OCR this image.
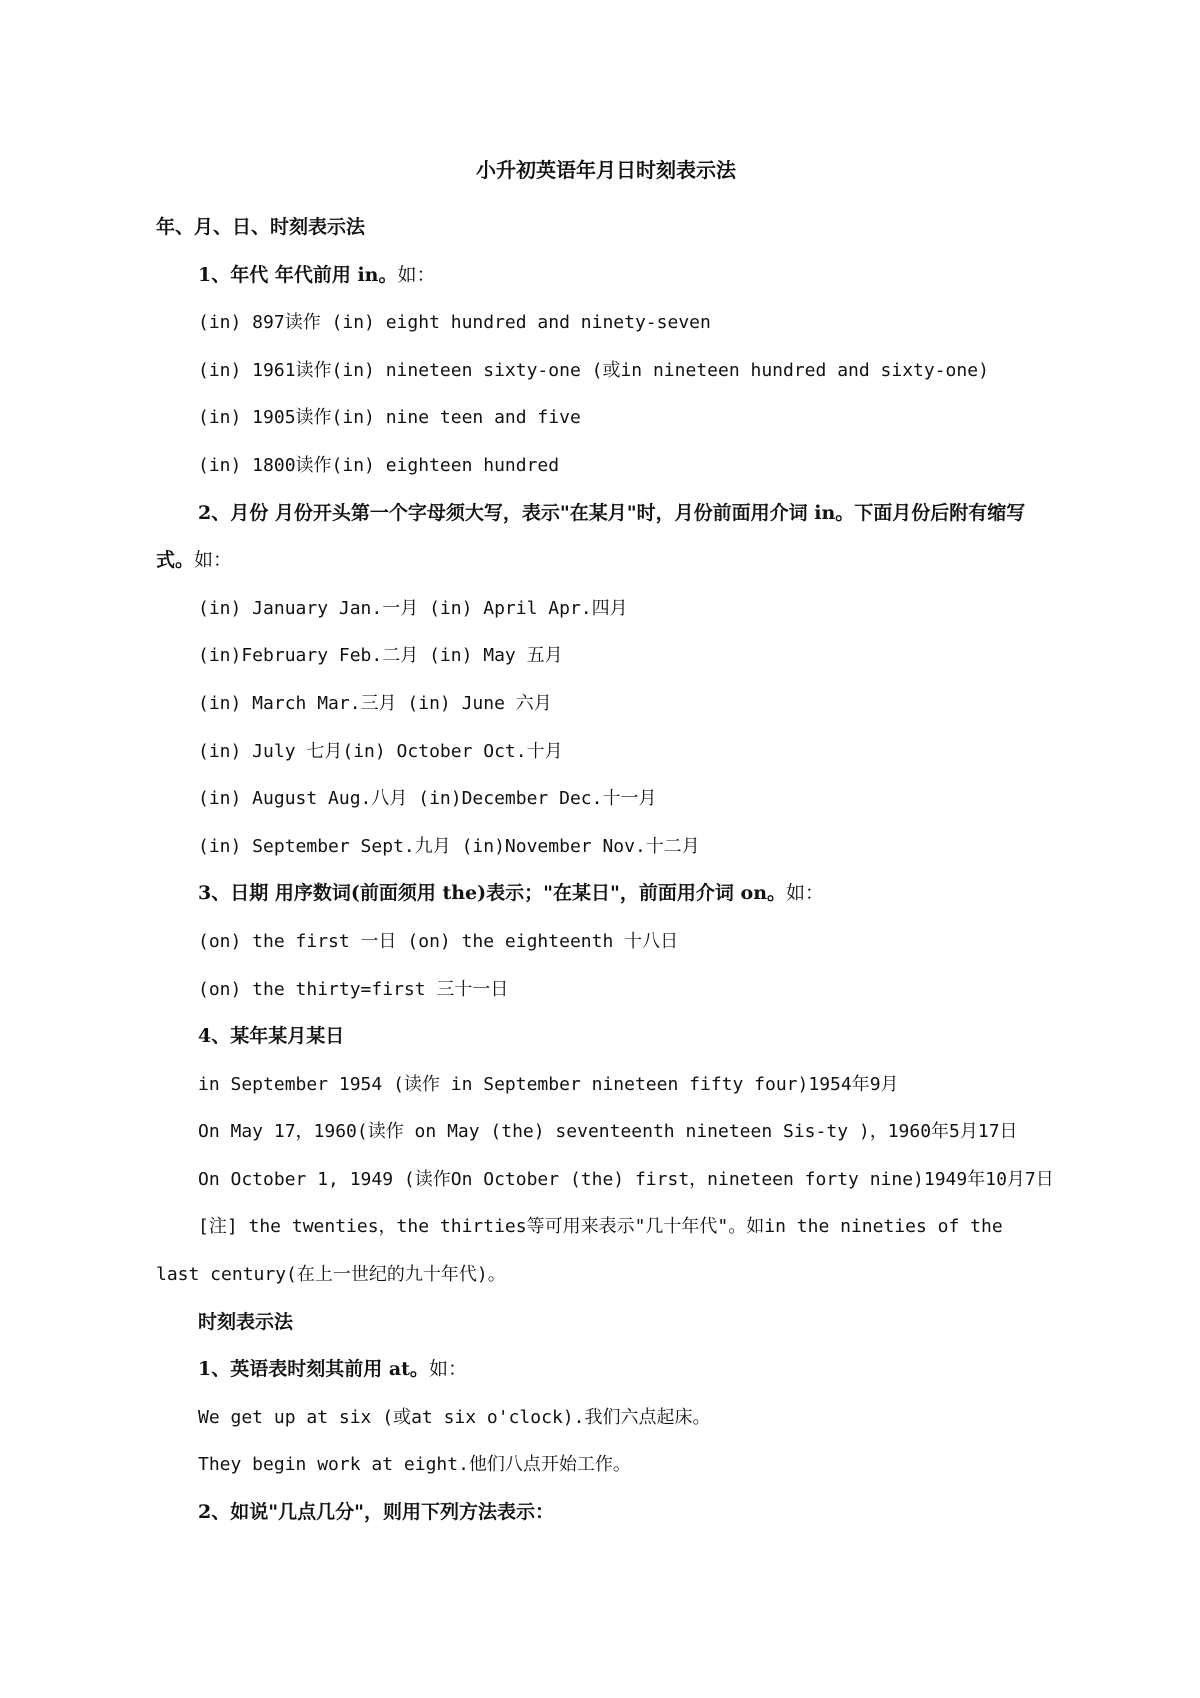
小升初英语年月日时刻表示法
年、月、日、时刻表示法
1、年代 年代前用 in。如：
(in) 897读作 (in) eight hundred and ninety-seven
(in) 1961读作(in) nineteen sixty-one (或in nineteen hundred and sixty-one)
(in) 1905读作(in) nine teen and five
(in) 1800读作(in) eighteen hundred
2、月份 月份开头第一个字母须大写，表示"在某月"时，月份前面用介词 in。下面月份后附有缩写式。如：
(in) January Jan.一月 (in) April Apr.四月
(in)February Feb.二月 (in) May 五月
(in) March Mar.三月 (in) June 六月
(in) July 七月(in) October Oct.十月
(in) August Aug.八月 (in)December Dec.十一月
(in) September Sept.九月 (in)November Nov.十二月
3、日期 用序数词(前面须用 the)表示；"在某日"，前面用介词 on。如：
(on) the first 一日 (on) the eighteenth 十八日
(on) the thirty=first 三十一日
4、某年某月某日
in September 1954 (读作 in September nineteen fifty four)1954年9月
On May 17，1960(读作 on May (the) seventeenth nineteen Sis-ty )，1960年5月17日
On October 1, 1949 (读作On October (the) first，nineteen forty nine)1949年10月7日
[注] the twenties，the thirties等可用来表示"几十年代"。如in the nineties of the last century(在上一世纪的九十年代)。
时刻表示法
1、英语表时刻其前用 at。如：
We get up at six (或at six o'clock).我们六点起床。
They begin work at eight.他们八点开始工作。
2、如说"几点几分"，则用下列方法表示：
